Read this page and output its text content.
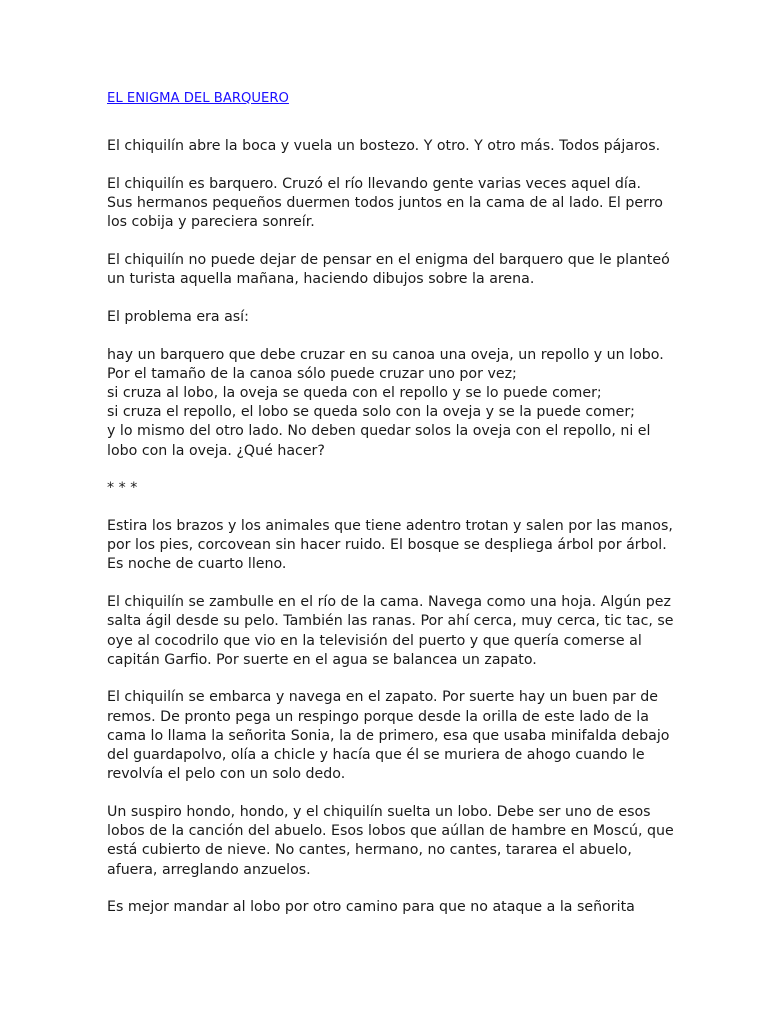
EL ENIGMA DEL BARQUERO
El chiquilín abre la boca y vuela un bostezo. Y otro. Y otro más. Todos pájaros.
El chiquilín es barquero. Cruzó el río llevando gente varias veces aquel día.
Sus hermanos pequeños duermen todos juntos en la cama de al lado. El perro
los cobija y pareciera sonreír.
El chiquilín no puede dejar de pensar en el enigma del barquero que le planteó
un turista aquella mañana, haciendo dibujos sobre la arena.
El problema era así:
hay un barquero que debe cruzar en su canoa una oveja, un repollo y un lobo.
Por el tamaño de la canoa sólo puede cruzar uno por vez;
si cruza al lobo, la oveja se queda con el repollo y se lo puede comer;
si cruza el repollo, el lobo se queda solo con la oveja y se la puede comer;
y lo mismo del otro lado. No deben quedar solos la oveja con el repollo, ni el
lobo con la oveja. ¿Qué hacer?
* * *
Estira los brazos y los animales que tiene adentro trotan y salen por las manos,
por los pies, corcovean sin hacer ruido. El bosque se despliega árbol por árbol.
Es noche de cuarto lleno.
El chiquilín se zambulle en el río de la cama. Navega como una hoja. Algún pez
salta ágil desde su pelo. También las ranas. Por ahí cerca, muy cerca, tic tac, se
oye al cocodrilo que vio en la televisión del puerto y que quería comerse al
capitán Garfio. Por suerte en el agua se balancea un zapato.
El chiquilín se embarca y navega en el zapato. Por suerte hay un buen par de
remos. De pronto pega un respingo porque desde la orilla de este lado de la
cama lo llama la señorita Sonia, la de primero, esa que usaba minifalda debajo
del guardapolvo, olía a chicle y hacía que él se muriera de ahogo cuando le
revolvía el pelo con un solo dedo.
Un suspiro hondo, hondo, y el chiquilín suelta un lobo. Debe ser uno de esos
lobos de la canción del abuelo. Esos lobos que aúllan de hambre en Moscú, que
está cubierto de nieve. No cantes, hermano, no cantes, tararea el abuelo,
afuera, arreglando anzuelos.
Es mejor mandar al lobo por otro camino para que no ataque a la señorita
